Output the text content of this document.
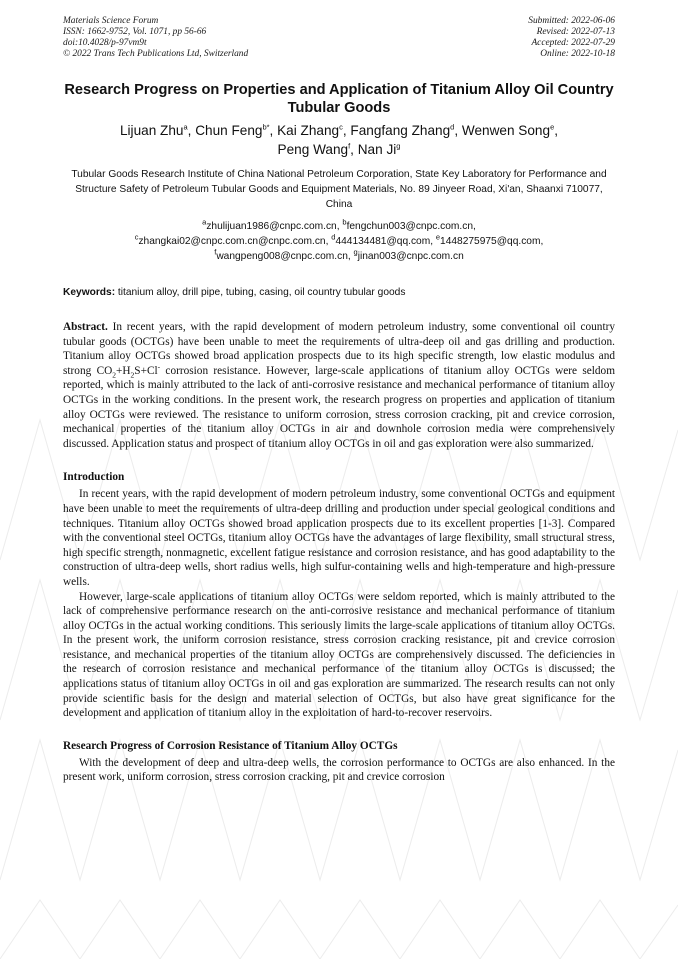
Materials Science Forum
ISSN: 1662-9752, Vol. 1071, pp 56-66
doi:10.4028/p-97vm9t
© 2022 Trans Tech Publications Ltd, Switzerland
Submitted: 2022-06-06
Revised: 2022-07-13
Accepted: 2022-07-29
Online: 2022-10-18
Research Progress on Properties and Application of Titanium Alloy Oil Country Tubular Goods
Lijuan Zhu$^a$, Chun Feng$^{b*}$, Kai Zhang$^c$, Fangfang Zhang$^d$, Wenwen Song$^e$,
Peng Wang$^f$, Nan Ji$^g$
Tubular Goods Research Institute of China National Petroleum Corporation, State Key Laboratory for Performance and Structure Safety of Petroleum Tubular Goods and Equipment Materials, No. 89 Jinyeer Road, Xi'an, Shaanxi 710077, China
$^a$zhulijuan1986@cnpc.com.cn, $^b$fengchun003@cnpc.com.cn,
$^c$zhangkai02@cnpc.com.cn@cnpc.com.cn, $^d$444134481@qq.com, $^e$1448275975@qq.com,
$^f$wangpeng008@cnpc.com.cn, $^g$jinan003@cnpc.com.cn
Keywords: titanium alloy, drill pipe, tubing, casing, oil country tubular goods
Abstract. In recent years, with the rapid development of modern petroleum industry, some conventional oil country tubular goods (OCTGs) have been unable to meet the requirements of ultra-deep oil and gas drilling and production. Titanium alloy OCTGs showed broad application prospects due to its high specific strength, low elastic modulus and strong $CO_2+H_2S+Cl^-$ corrosion resistance. However, large-scale applications of titanium alloy OCTGs were seldom reported, which is mainly attributed to the lack of anti-corrosive resistance and mechanical performance of titanium alloy OCTGs in the working conditions. In the present work, the research progress on properties and application of titanium alloy OCTGs were reviewed. The resistance to uniform corrosion, stress corrosion cracking, pit and crevice corrosion, mechanical properties of the titanium alloy OCTGs in air and downhole corrosion media were comprehensively discussed. Application status and prospect of titanium alloy OCTGs in oil and gas exploration were also summarized.
Introduction

In recent years, with the rapid development of modern petroleum industry, some conventional OCTGs and equipment have been unable to meet the requirements of ultra-deep drilling and production under special geological conditions and techniques. Titanium alloy OCTGs showed broad application prospects due to its excellent properties [1-3]. Compared with the conventional steel OCTGs, titanium alloy OCTGs have the advantages of large flexibility, small structural stress, high specific strength, nonmagnetic, excellent fatigue resistance and corrosion resistance, and has good adaptability to the construction of ultra-deep wells, short radius wells, high sulfur-containing wells and high-temperature and high-pressure wells.

However, large-scale applications of titanium alloy OCTGs were seldom reported, which is mainly attributed to the lack of comprehensive performance research on the anti-corrosive resistance and mechanical performance of titanium alloy OCTGs in the actual working conditions. This seriously limits the large-scale applications of titanium alloy OCTGs. In the present work, the uniform corrosion resistance, stress corrosion cracking resistance, pit and crevice corrosion resistance, and mechanical properties of the titanium alloy OCTGs are comprehensively discussed. The deficiencies in the research of corrosion resistance and mechanical performance of the titanium alloy OCTGs is discussed; the applications status of titanium alloy OCTGs in oil and gas exploration are summarized. The research results can not only provide scientific basis for the design and material selection of OCTGs, but also have great significance for the development and application of titanium alloy in the exploitation of hard-to-recover reservoirs.

Research Progress of Corrosion Resistance of Titanium Alloy OCTGs

With the development of deep and ultra-deep wells, the corrosion performance to OCTGs are also enhanced. In the present work, uniform corrosion, stress corrosion cracking, pit and crevice corrosion
